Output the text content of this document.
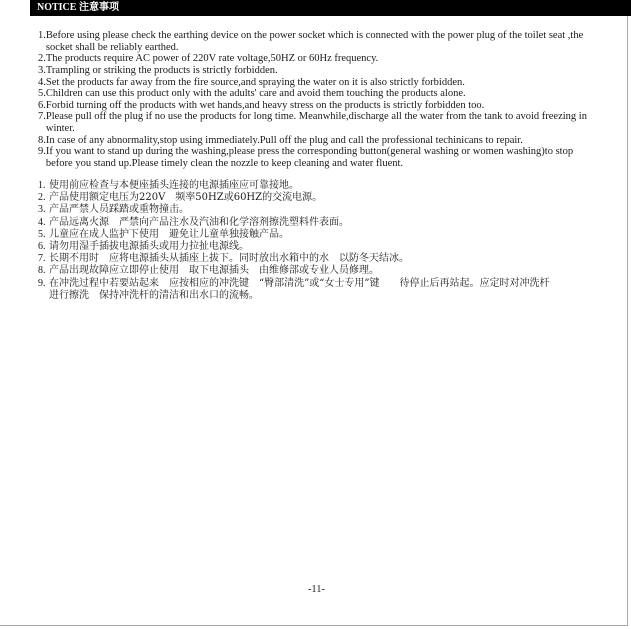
NOTICE 注意事项
1. Before using please check the earthing device on the power socket which is connected with the power plug of the toilet seat ,the
socket shall be reliably earthed.
2. The products require AC power of 220V rate voltage,50HZ or 60Hz frequency.
3. Trampling or striking the products is strictly forbidden.
4. Set the products far away from the fire source,and spraying the water on it is also strictly forbidden.
5. Children can use this product only with the adults' care and avoid them touching the products alone.
6. Forbid turning off the products with wet hands,and heavy stress on the products is strictly forbidden too.
7. Please pull off the plug if no use the products for long time. Meanwhile,discharge all the water from the tank to avoid freezing in
winter.
8. In case of any abnormality,stop using immediately.Pull off the plug and call the professional techinicans to repair.
9. If you want to stand up during the washing,please press the corresponding button(general washing or women washing)to stop
before you stand up.Please timely clean the nozzle to keep cleaning and water fluent.
1. 使用前应检查与本便座插头连接的电源插座应可靠接地。
2. 产品使用额定电压为220V　频率50HZ或60HZ的交流电源。
3. 产品严禁人员踩踏或重物撞击。
4. 产品远离火源　严禁向产品注水及汽油和化学溶剂擦洗塑料件表面。
5. 儿童应在成人监护下使用　避免让儿童单独接触产品。
6. 请勿用湿手插拔电源插头或用力拉扯电源线。
7. 长期不用时　应将电源插头从插座上拔下。同时放出水箱中的水　以防冬天结冰。
8. 产品出现故障应立即停止使用　取下电源插头　由维修部或专业人员修理。
9. 在冲洗过程中若要站起来　应按相应的冲洗键　“臀部清洗”或“女士专用”键　　待停止后再站起。应定时对冲洗杆
进行擦洗　保持冲洗杆的清洁和出水口的流畅。
-11-
